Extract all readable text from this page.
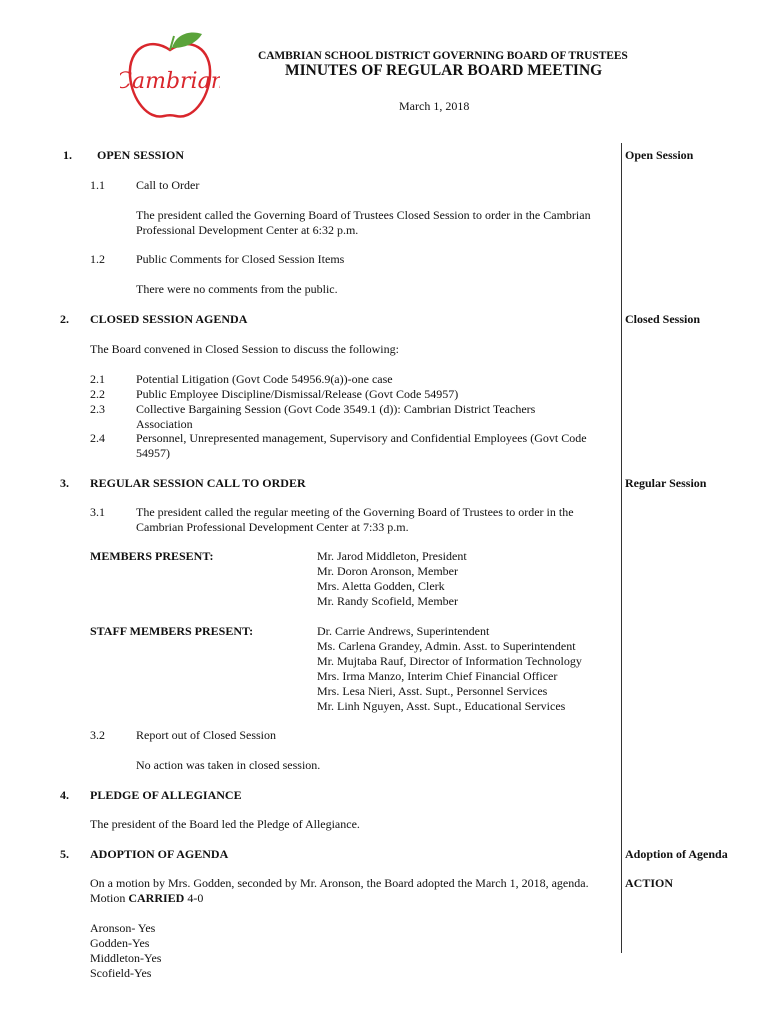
Cambrian
CAMBRIAN SCHOOL DISTRICT GOVERNING BOARD OF TRUSTEES
MINUTES OF REGULAR BOARD MEETING
March 1, 2018
1. OPEN SESSION	Open Session
1.1	Call to Order
The president called the Governing Board of Trustees Closed Session to order in the Cambrian Professional Development Center at 6:32 p.m.
1.2	Public Comments for Closed Session Items
There were no comments from the public.
2. CLOSED SESSION AGENDA	Closed Session
The Board convened in Closed Session to discuss the following:
2.1	Potential Litigation (Govt Code 54956.9(a))-one case
2.2	Public Employee Discipline/Dismissal/Release (Govt Code 54957)
2.3	Collective Bargaining Session (Govt Code 3549.1 (d)): Cambrian District Teachers Association
2.4	Personnel, Unrepresented management, Supervisory and Confidential Employees (Govt Code 54957)
3. REGULAR SESSION CALL TO ORDER	Regular Session
3.1	The president called the regular meeting of the Governing Board of Trustees to order in the Cambrian Professional Development Center at 7:33 p.m.
MEMBERS PRESENT:	Mr. Jarod Middleton, President
Mr. Doron Aronson, Member
Mrs. Aletta Godden, Clerk
Mr. Randy Scofield, Member
STAFF MEMBERS PRESENT:	Dr. Carrie Andrews, Superintendent
Ms. Carlena Grandey, Admin. Asst. to Superintendent
Mr. Mujtaba Rauf, Director of Information Technology
Mrs. Irma Manzo, Interim Chief Financial Officer
Mrs. Lesa Nieri, Asst. Supt., Personnel Services
Mr. Linh Nguyen, Asst. Supt., Educational Services
3.2	Report out of Closed Session
No action was taken in closed session.
4. PLEDGE OF ALLEGIANCE
The president of the Board led the Pledge of Allegiance.
5. ADOPTION OF AGENDA	Adoption of Agenda
On a motion by Mrs. Godden, seconded by Mr. Aronson, the Board adopted the March 1, 2018, agenda.	ACTION
Motion CARRIED 4-0
Aronson- Yes
Godden-Yes
Middleton-Yes
Scofield-Yes
